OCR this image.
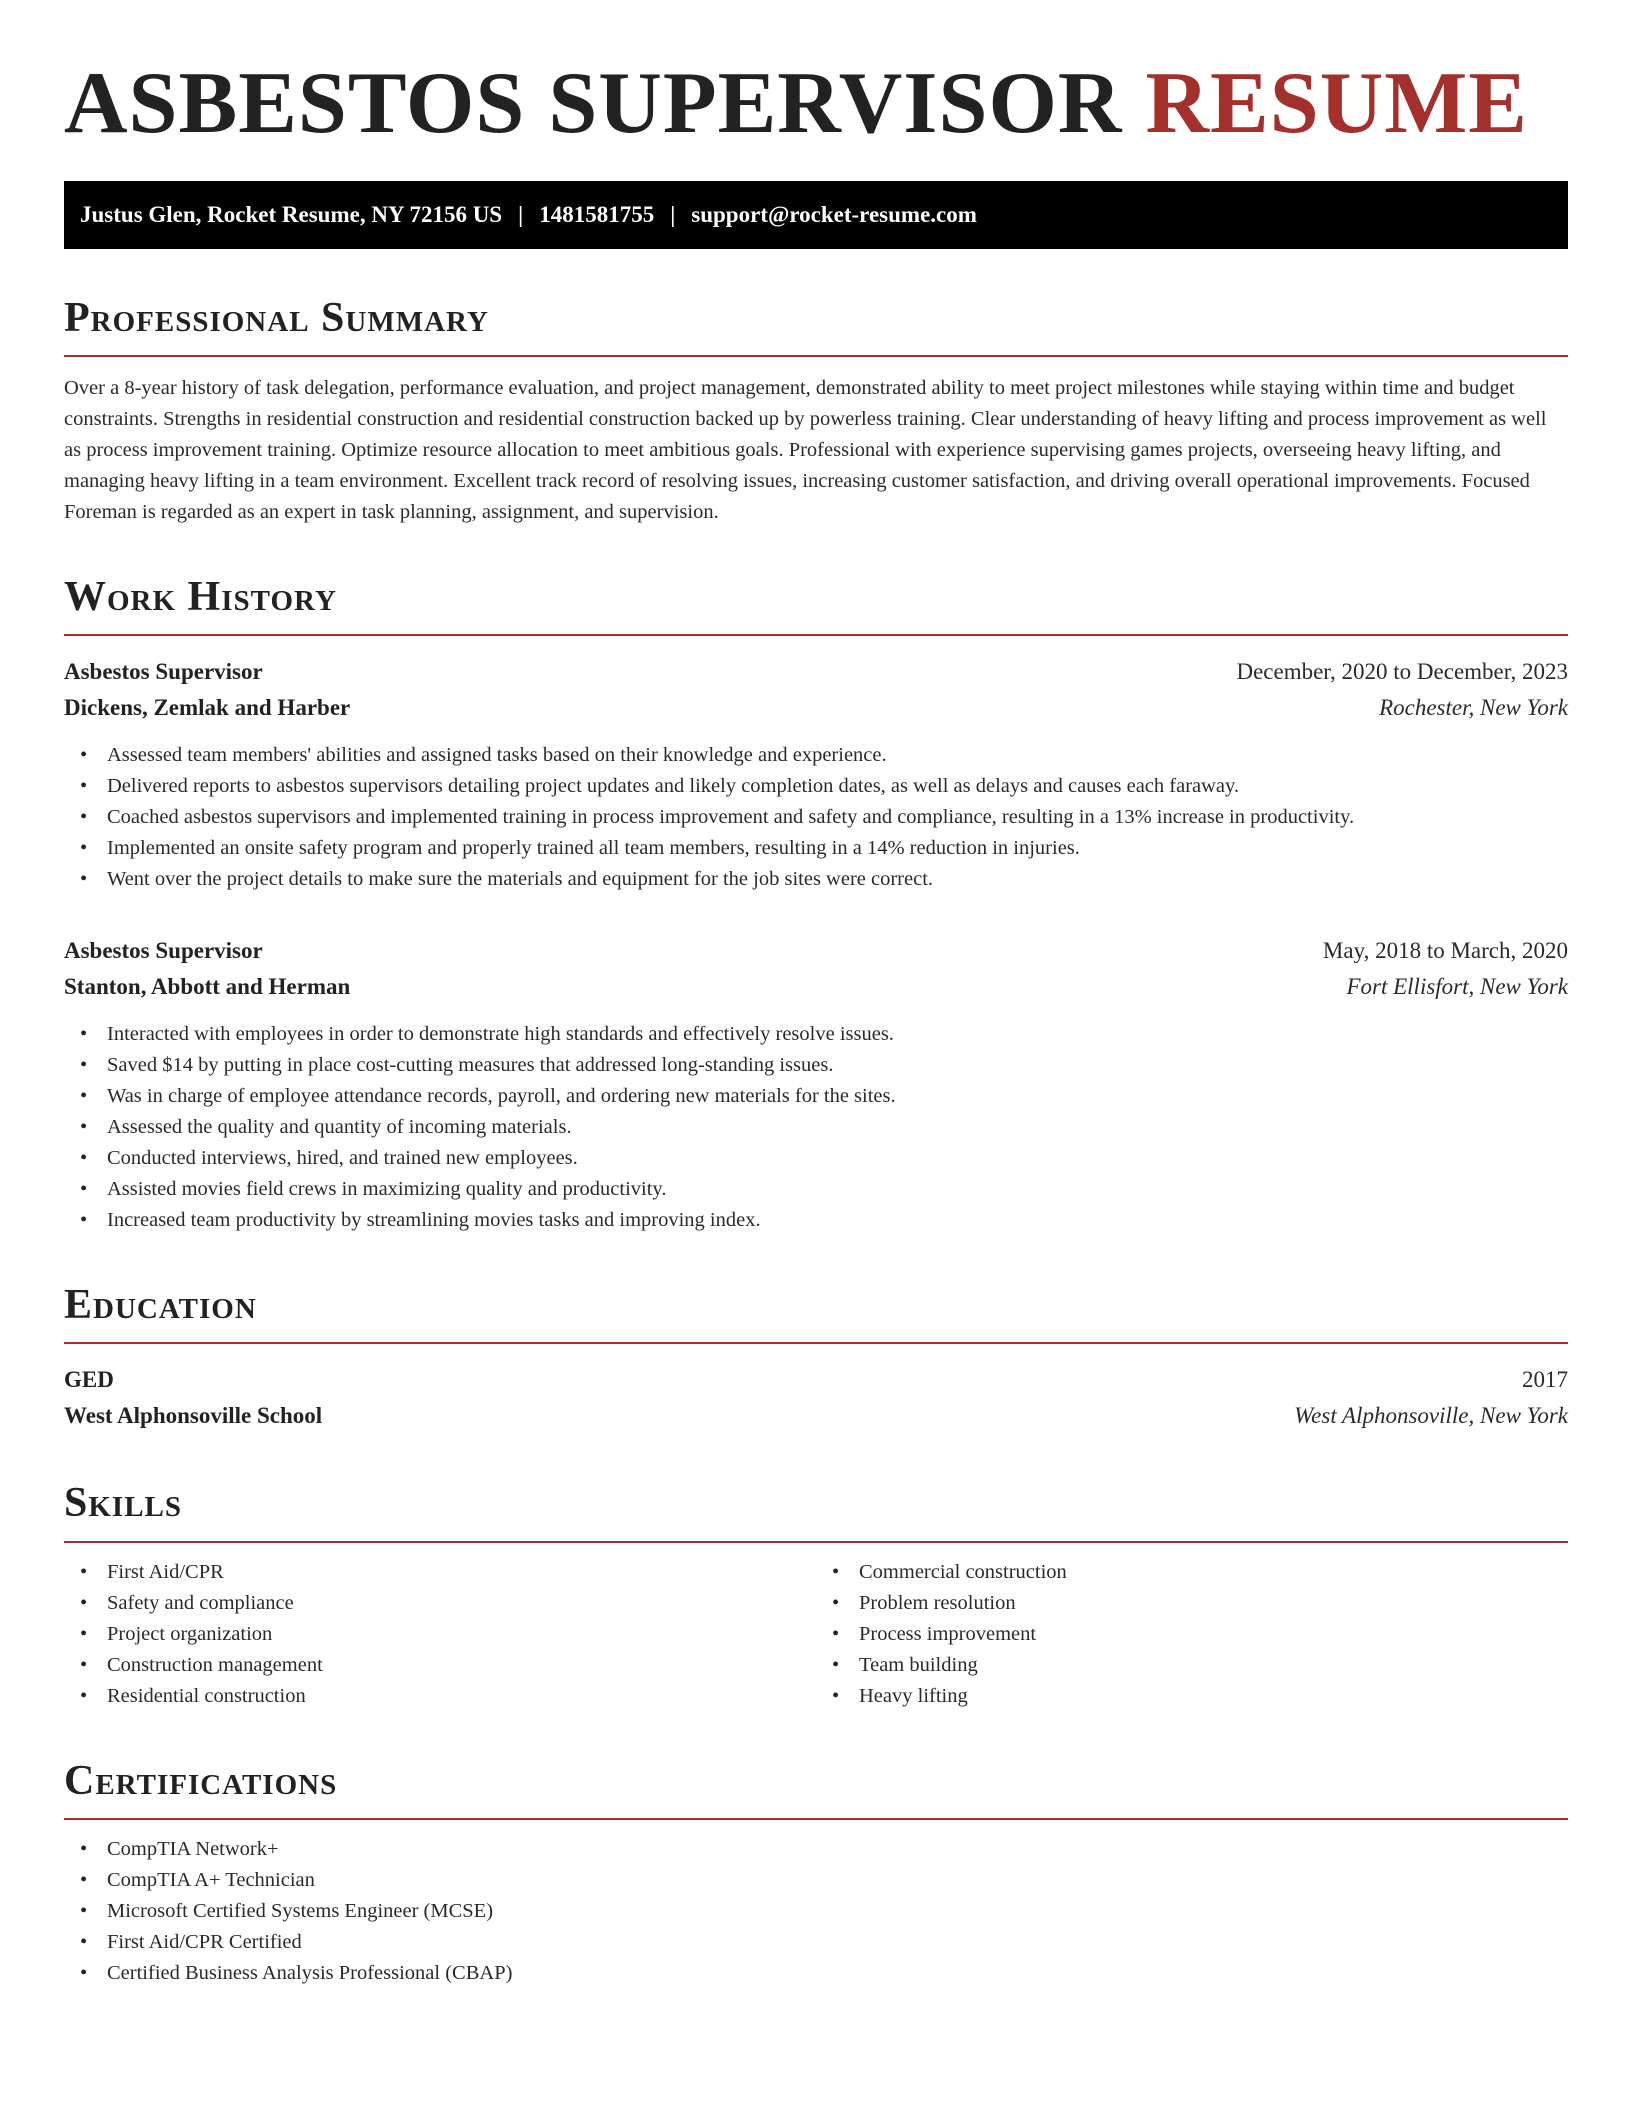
ASBESTOS SUPERVISOR RESUME
Justus Glen, Rocket Resume, NY 72156 US | 1481581755 | support@rocket-resume.com
Professional Summary

Over a 8-year history of task delegation, performance evaluation, and project management, demonstrated ability to meet project milestones while staying within time and budget constraints. Strengths in residential construction and residential construction backed up by powerless training. Clear understanding of heavy lifting and process improvement as well as process improvement training. Optimize resource allocation to meet ambitious goals. Professional with experience supervising games projects, overseeing heavy lifting, and managing heavy lifting in a team environment. Excellent track record of resolving issues, increasing customer satisfaction, and driving overall operational improvements. Focused Foreman is regarded as an expert in task planning, assignment, and supervision.

Work History
Asbestos Supervisor	December, 2020 to December, 2023
Dickens, Zemlak and Harber	Rochester, New York
• Assessed team members' abilities and assigned tasks based on their knowledge and experience.
• Delivered reports to asbestos supervisors detailing project updates and likely completion dates, as well as delays and causes each faraway.
• Coached asbestos supervisors and implemented training in process improvement and safety and compliance, resulting in a 13% increase in productivity.
• Implemented an onsite safety program and properly trained all team members, resulting in a 14% reduction in injuries.
• Went over the project details to make sure the materials and equipment for the job sites were correct.
Asbestos Supervisor	May, 2018 to March, 2020
Stanton, Abbott and Herman	Fort Ellisfort, New York
• Interacted with employees in order to demonstrate high standards and effectively resolve issues.
• Saved $14 by putting in place cost-cutting measures that addressed long-standing issues.
• Was in charge of employee attendance records, payroll, and ordering new materials for the sites.
• Assessed the quality and quantity of incoming materials.
• Conducted interviews, hired, and trained new employees.
• Assisted movies field crews in maximizing quality and productivity.
• Increased team productivity by streamlining movies tasks and improving index.
Education
GED	2017
West Alphonsoville School	West Alphonsoville, New York
Skills
• First Aid/CPR
• Safety and compliance
• Project organization
• Construction management
• Residential construction
• Commercial construction
• Problem resolution
• Process improvement
• Team building
• Heavy lifting
Certifications
• CompTIA Network+
• CompTIA A+ Technician
• Microsoft Certified Systems Engineer (MCSE)
• First Aid/CPR Certified
• Certified Business Analysis Professional (CBAP)
